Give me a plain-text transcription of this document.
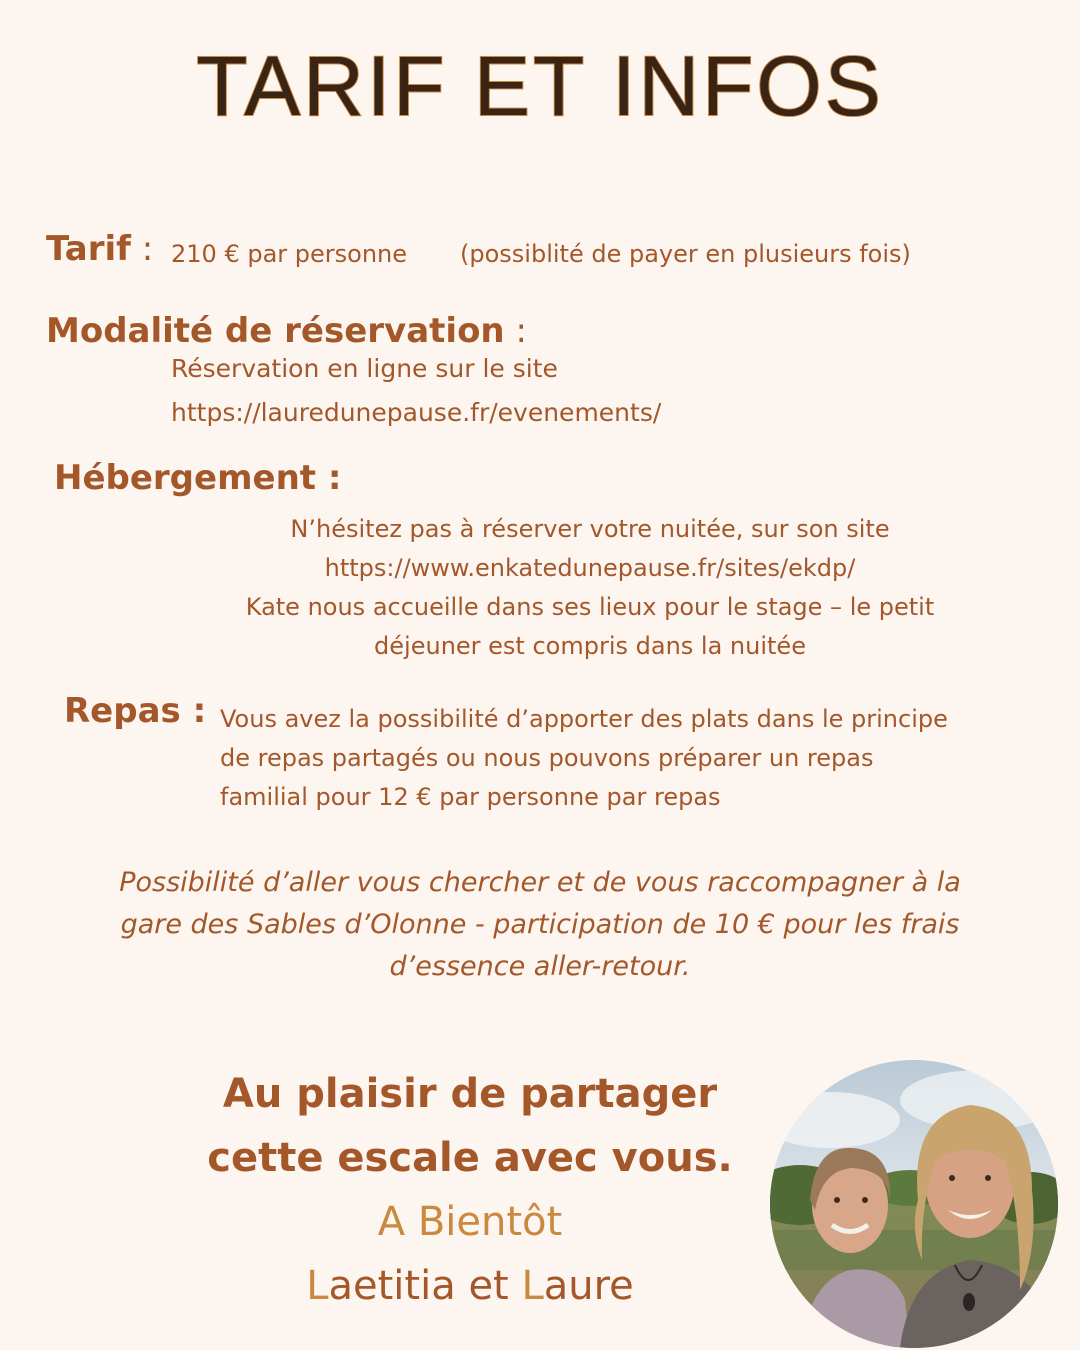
TARIF ET INFOS
Tarif : 210 € par personne (possiblité de payer en plusieurs fois)
Modalité de réservation :
Réservation en ligne sur le site
https://lauredunepause.fr/evenements/
Hébergement :
N’hésitez pas à réserver votre nuitée, sur son site
https://www.enkatedunepause.fr/sites/ekdp/
Kate nous accueille dans ses lieux pour le stage – le petit
déjeuner est compris dans la nuitée
Repas : Vous avez la possibilité d’apporter des plats dans le principe
de repas partagés ou nous pouvons préparer un repas
familial pour 12 € par personne par repas
Possibilité d’aller vous chercher et de vous raccompagner à la
gare des Sables d’Olonne - participation de 10 € pour les frais
d’essence aller-retour.
Au plaisir de partager
cette escale avec vous.
A Bientôt
Laetitia et Laure
